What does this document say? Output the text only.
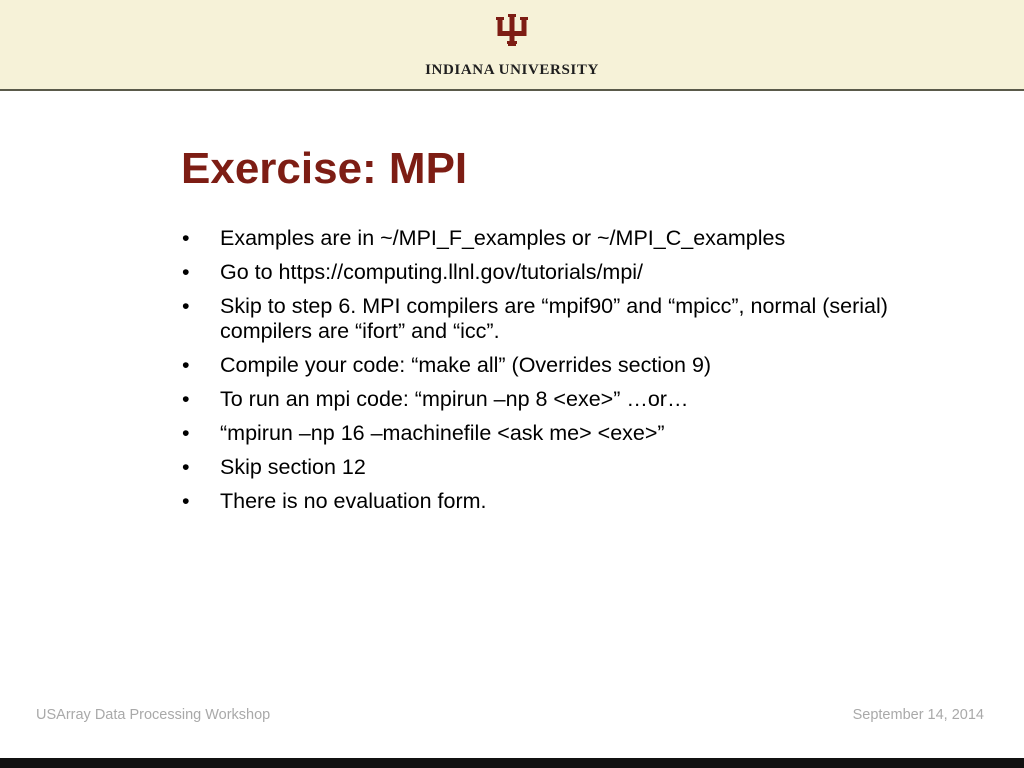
INDIANA UNIVERSITY
Exercise: MPI
• Examples are in ~/MPI_F_examples or ~/MPI_C_examples
• Go to https://computing.llnl.gov/tutorials/mpi/
• Skip to step 6. MPI compilers are “mpif90” and “mpicc”, normal (serial) compilers are “ifort” and “icc”.
• Compile your code: “make all” (Overrides section 9)
• To run an mpi code: “mpirun –np 8 <exe>” …or…
• “mpirun –np 16 –machinefile <ask me> <exe>”
• Skip section 12
• There is no evaluation form.
USArray Data Processing Workshop	September 14, 2014
